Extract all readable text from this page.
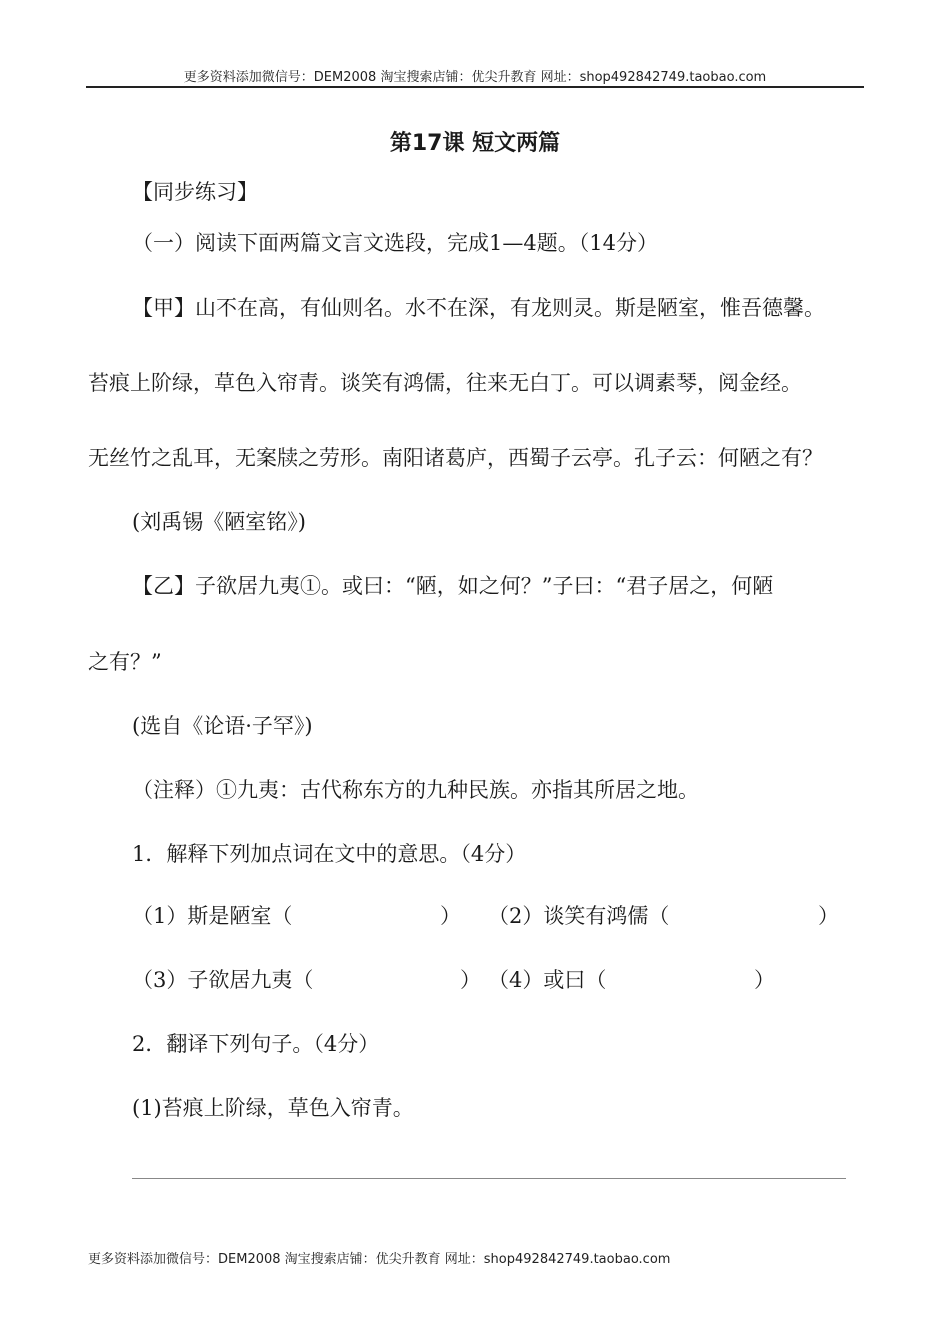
更多资料添加微信号：DEM2008 淘宝搜索店铺：优尖升教育 网址：shop492842749.taobao.com
第17课 短文两篇
【同步练习】
（一）阅读下面两篇文言文选段，完成1—4题。（14分）
【甲】山不在高，有仙则名。水不在深，有龙则灵。斯是陋室，惟吾德馨。
苔痕上阶绿，草色入帘青。谈笑有鸿儒，往来无白丁。可以调素琴，阅金经。
无丝竹之乱耳，无案牍之劳形。南阳诸葛庐，西蜀子云亭。孔子云：何陋之有？
(刘禹锡《陋室铭》)
【乙】子欲居九夷①。或曰：“陋，如之何？”子曰：“君子居之，何陋
之有？”
(选自《论语·子罕》)
（注释）①九夷：古代称东方的九种民族。亦指其所居之地。
1．解释下列加点词在文中的意思。（4分）
（1）斯是陋室（	） （2）谈笑有鸿儒（	）
（3）子欲居九夷（	） （4）或曰（	）
2．翻译下列句子。（4分）
(1)苔痕上阶绿，草色入帘青。
更多资料添加微信号：DEM2008 淘宝搜索店铺：优尖升教育 网址：shop492842749.taobao.com
